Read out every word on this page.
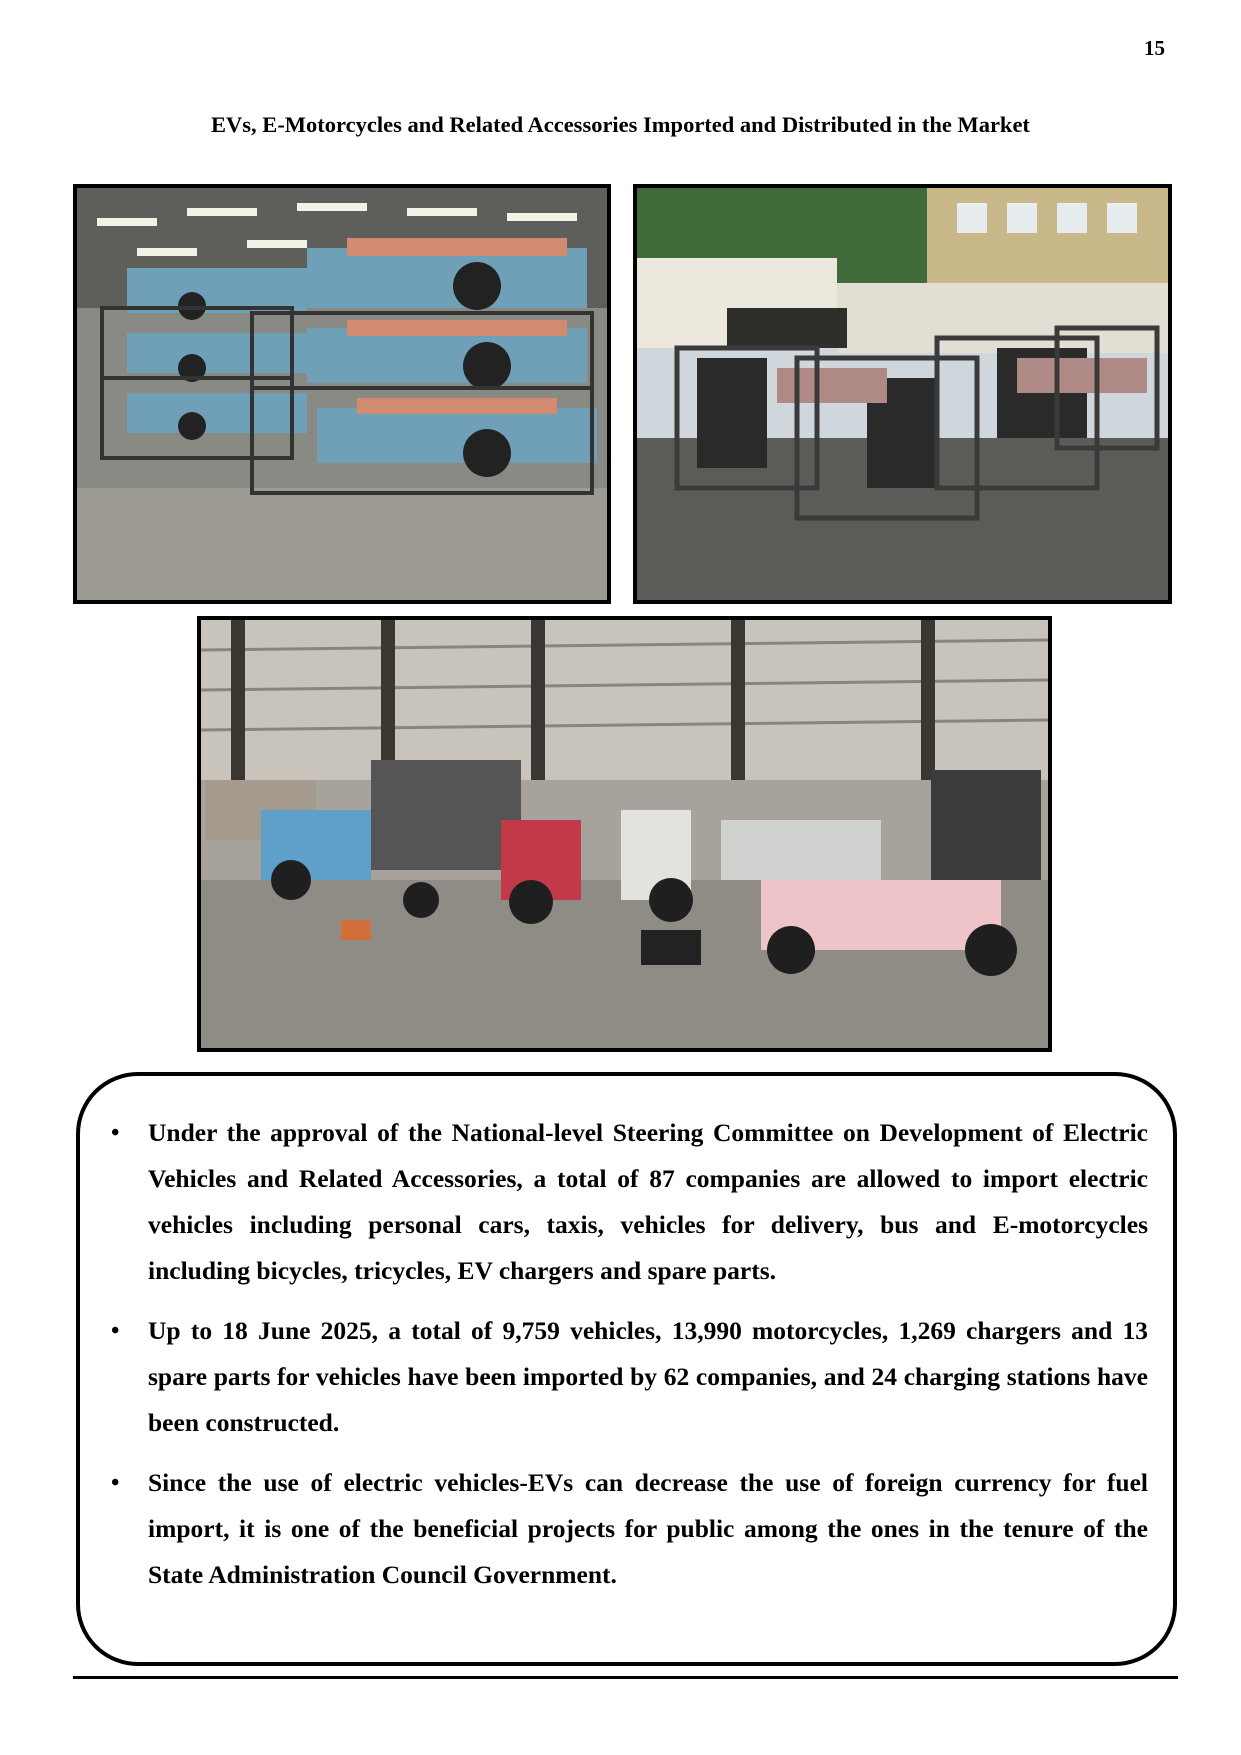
15
EVs, E-Motorcycles and Related Accessories Imported and Distributed in the Market
• Under the approval of the National-level Steering Committee on Development of Electric Vehicles and Related Accessories, a total of 87 companies are allowed to import electric vehicles including personal cars, taxis, vehicles for delivery, bus and E-motorcycles including bicycles, tricycles, EV chargers and spare parts.
• Up to 18 June 2025, a total of 9,759 vehicles, 13,990 motorcycles, 1,269 chargers and 13 spare parts for vehicles have been imported by 62 companies, and 24 charging stations have been constructed.
• Since the use of electric vehicles-EVs can decrease the use of foreign currency for fuel import, it is one of the beneficial projects for public among the ones in the tenure of the State Administration Council Government.
